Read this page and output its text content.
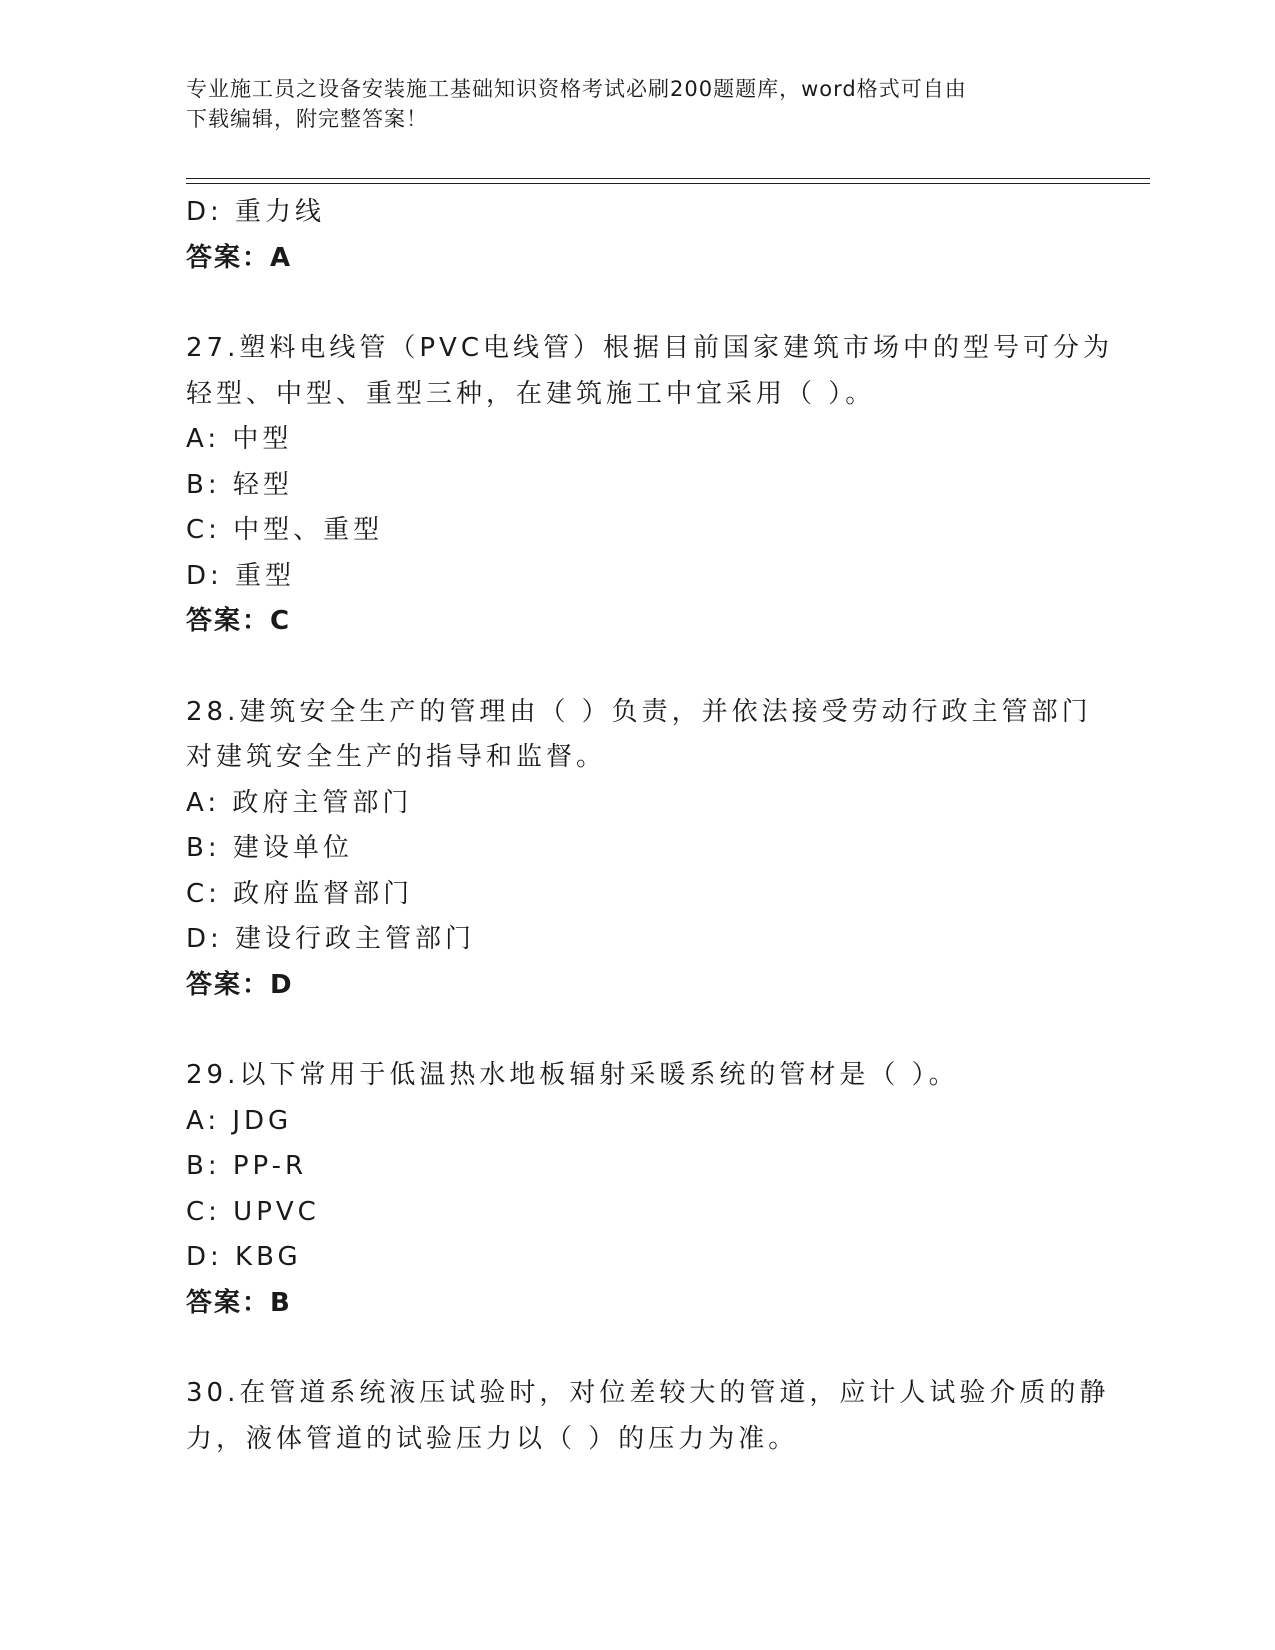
专业施工员之设备安装施工基础知识资格考试必刷200题题库，word格式可自由
下载编辑，附完整答案！
D: 重力线
答案：A
27.塑料电线管（PVC电线管）根据目前国家建筑市场中的型号可分为
轻型、中型、重型三种，在建筑施工中宜采用（ ）。
A: 中型
B: 轻型
C: 中型、重型
D: 重型
答案：C
28.建筑安全生产的管理由（ ）负责，并依法接受劳动行政主管部门
对建筑安全生产的指导和监督。
A: 政府主管部门
B: 建设单位
C: 政府监督部门
D: 建设行政主管部门
答案：D
29.以下常用于低温热水地板辐射采暖系统的管材是（ ）。
A: JDG
B: PP-R
C: UPVC
D: KBG
答案：B
30.在管道系统液压试验时，对位差较大的管道，应计人试验介质的静
力，液体管道的试验压力以（ ）的压力为准。
